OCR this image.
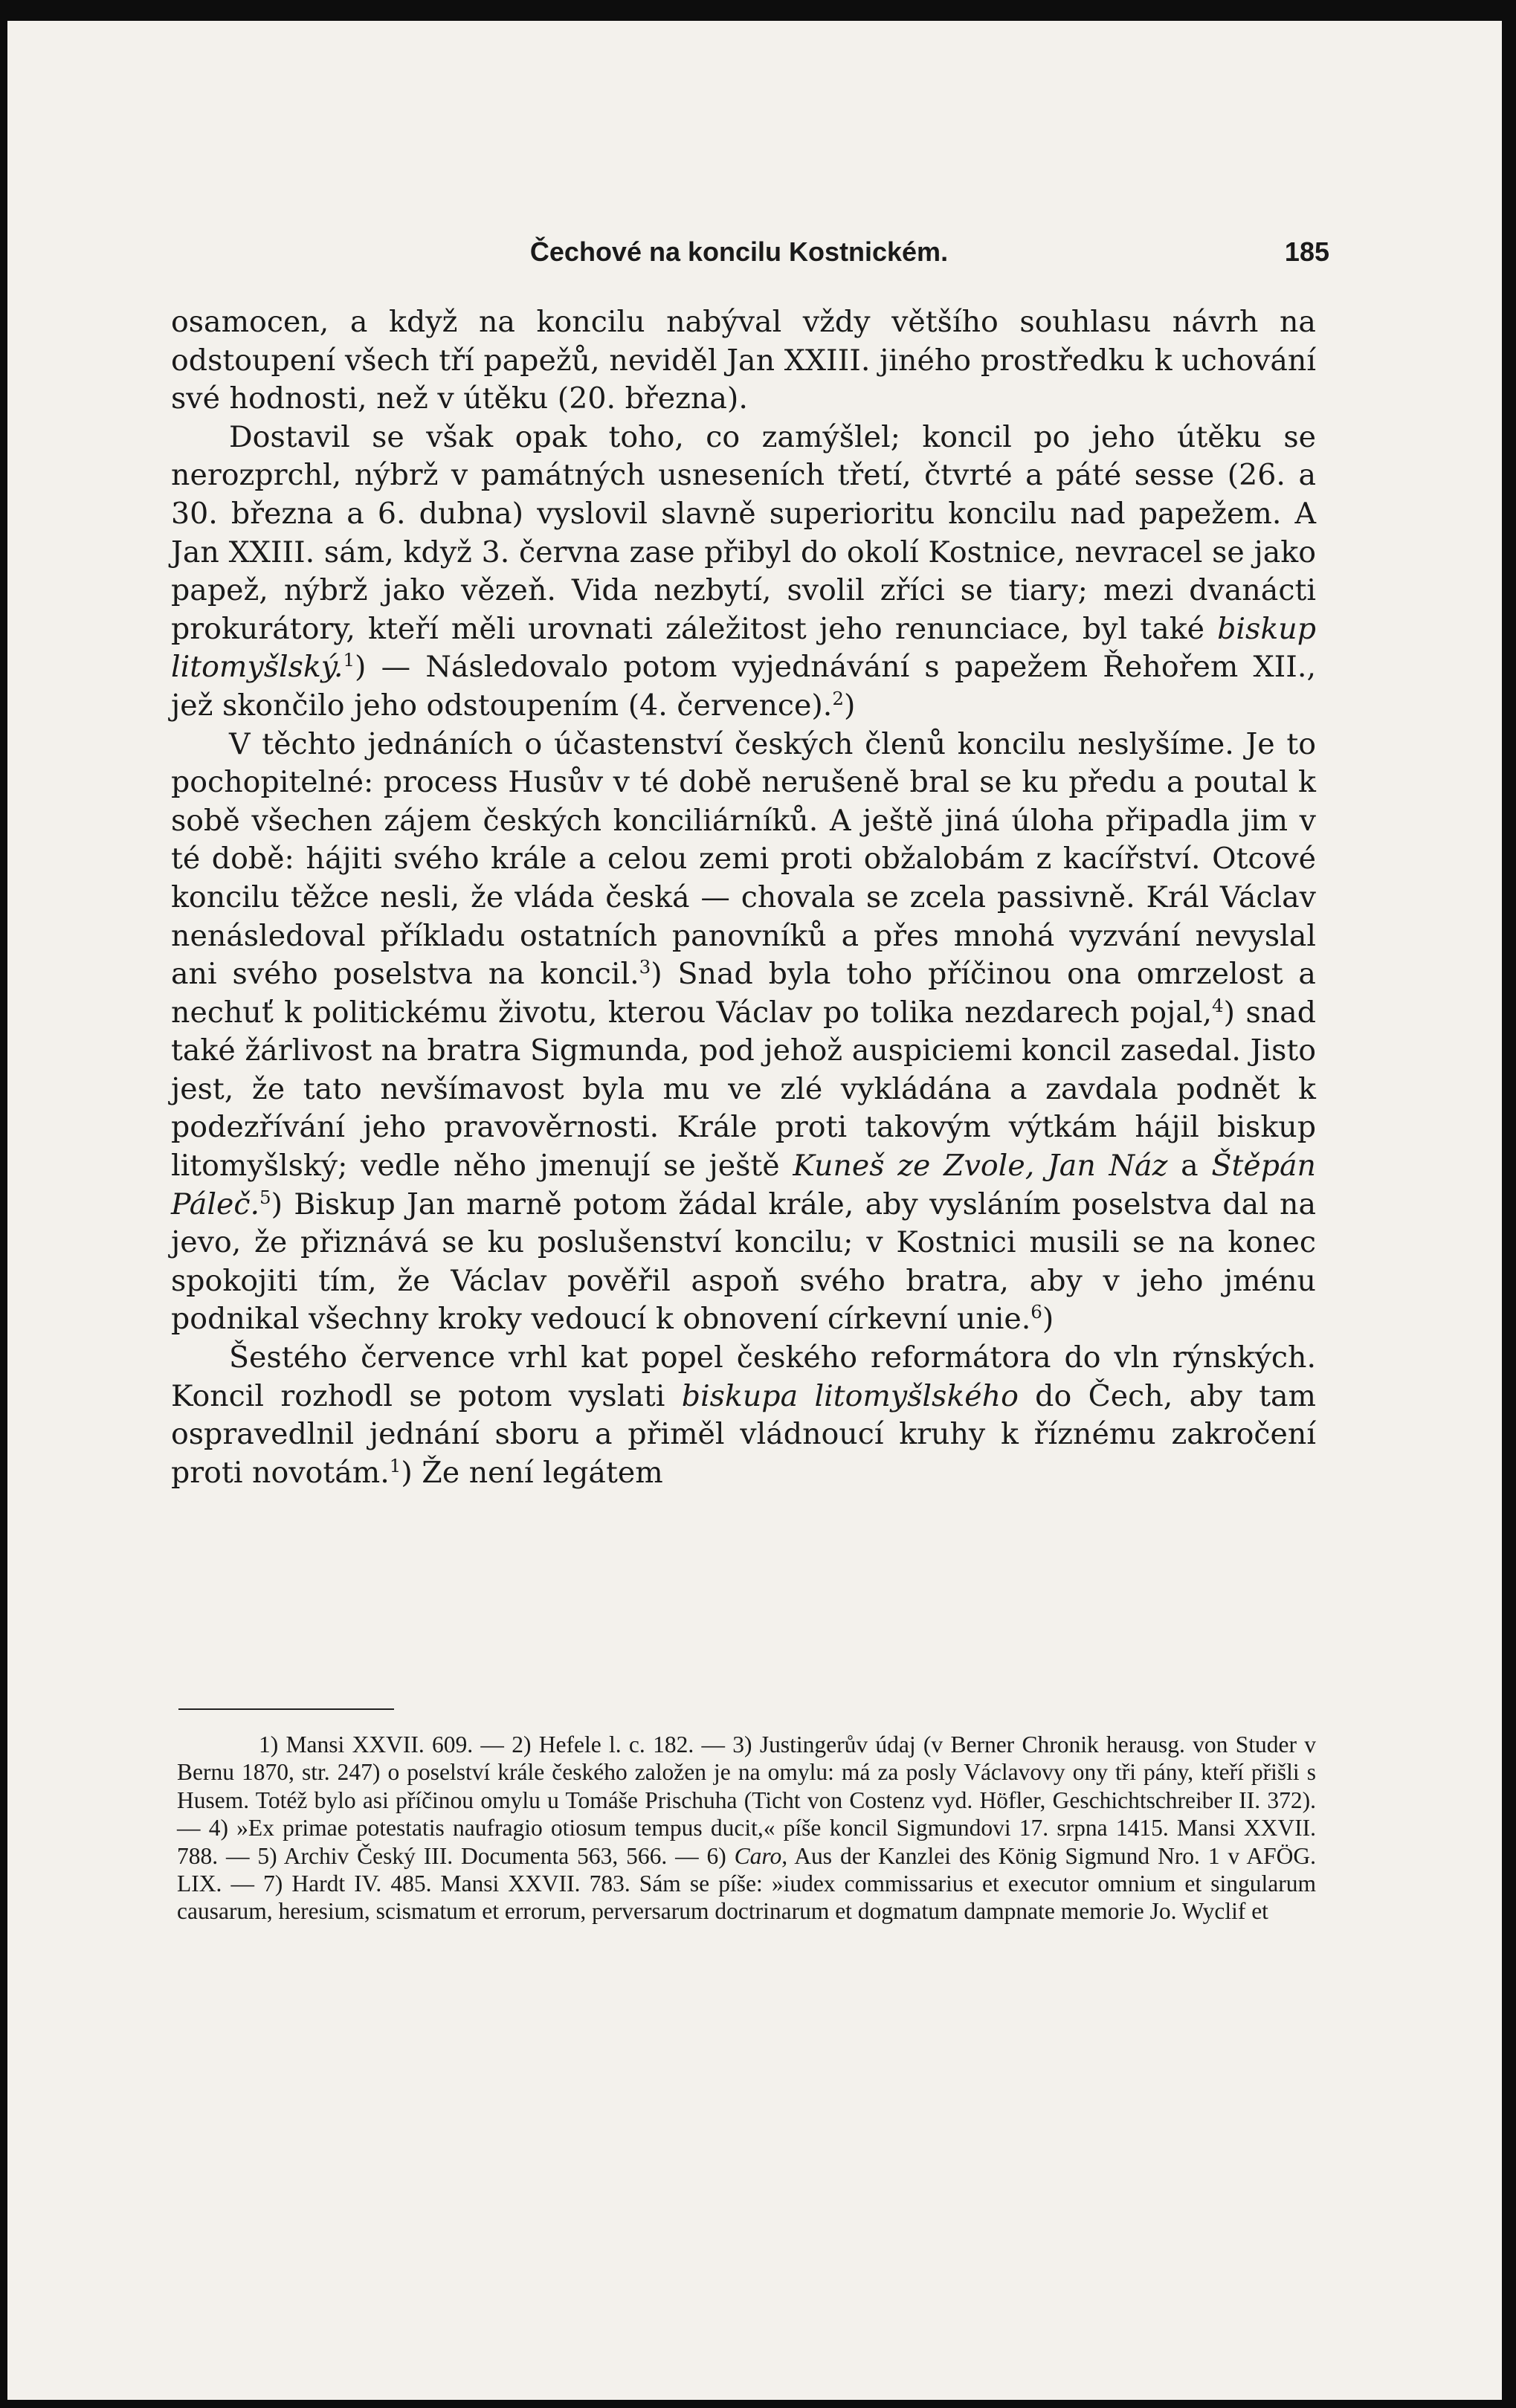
Čechové na koncilu Kostnickém.	185

osamocen, a když na koncilu nabýval vždy většího souhlasu návrh na odstoupení všech tří papežů, neviděl Jan XXIII. jiného prostředku k uchování své hodnosti, než v útěku (20. března).

Dostavil se však opak toho, co zamýšlel; koncil po jeho útěku se nerozprchl, nýbrž v památných usneseních třetí, čtvrté a páté sesse (26. a 30. března a 6. dubna) vyslovil slavně superioritu koncilu nad papežem. A Jan XXIII. sám, když 3. června zase přibyl do okolí Kostnice, nevracel se jako papež, nýbrž jako vězeň. Vida nezbytí, svolil zříci se tiary; mezi dvanácti prokurátory, kteří měli urovnati záležitost jeho renunciace, byl také biskup litomyšlský.$^1$) — Následovalo potom vyjednávání s papežem Řehořem XII., jež skončilo jeho odstoupením (4. července).$^2$)

V těchto jednáních o účastenství českých členů koncilu neslyšíme. Je to pochopitelné: process Husův v té době nerušeně bral se ku předu a poutal k sobě všechen zájem českých konciliárníků. A ještě jiná úloha připadla jim v té době: hájiti svého krále a celou zemi proti obžalobám z kacířství. Otcové koncilu těžce nesli, že vláda česká — chovala se zcela passivně. Král Václav nenásledoval příkladu ostatních panovníků a přes mnohá vyzvání nevyslal ani svého poselstva na koncil.$^3$) Snad byla toho příčinou ona omrzelost a nechuť k politickému životu, kterou Václav po tolika nezdarech pojal,$^4$) snad také žárlivost na bratra Sigmunda, pod jehož auspiciemi koncil zasedal. Jisto jest, že tato nevšímavost byla mu ve zlé vykládána a zavdala podnět k podezřívání jeho pravověrnosti. Krále proti takovým výtkám hájil biskup litomyšlský; vedle něho jmenují se ještě Kuneš ze Zvole, Jan Náz a Štěpán Páleč.$^5$) Biskup Jan marně potom žádal krále, aby vysláním poselstva dal na jevo, že přiznává se ku poslušenství koncilu; v Kostnici musili se na konec spokojiti tím, že Václav pověřil aspoň svého bratra, aby v jeho jménu podnikal všechny kroky vedoucí k obnovení církevní unie.$^6$)

Šestého července vrhl kat popel českého reformátora do vln rýnských. Koncil rozhodl se potom vyslati biskupa litomyšlského do Čech, aby tam ospravedlnil jednání sboru a přiměl vládnoucí kruhy k říznému zakročení proti novotám.$^1$) Že není legátem

1) Mansi XXVII. 609. — 2) Hefele l. c. 182. — 3) Justingerův údaj (v Berner Chronik herausg. von Studer v Bernu 1870, str. 247) o poselství krále českého založen je na omylu: má za posly Václavovy ony tři pány, kteří přišli s Husem. Totéž bylo asi příčinou omylu u Tomáše Prischuha (Ticht von Costenz vyd. Höfler, Geschichtschreiber II. 372). — 4) »Ex primae potestatis naufragio otiosum tempus ducit,« píše koncil Sigmundovi 17. srpna 1415. Mansi XXVII. 788. — 5) Archiv Český III. Documenta 563, 566. — 6) Caro, Aus der Kanzlei des König Sigmund Nro. 1 v AFÖG. LIX. — 7) Hardt IV. 485. Mansi XXVII. 783. Sám se píše: »iudex commissarius et executor omnium et singularum causarum, heresium, scismatum et errorum, perversarum doctrinarum et dogmatum dampnate memorie Jo. Wyclif et
